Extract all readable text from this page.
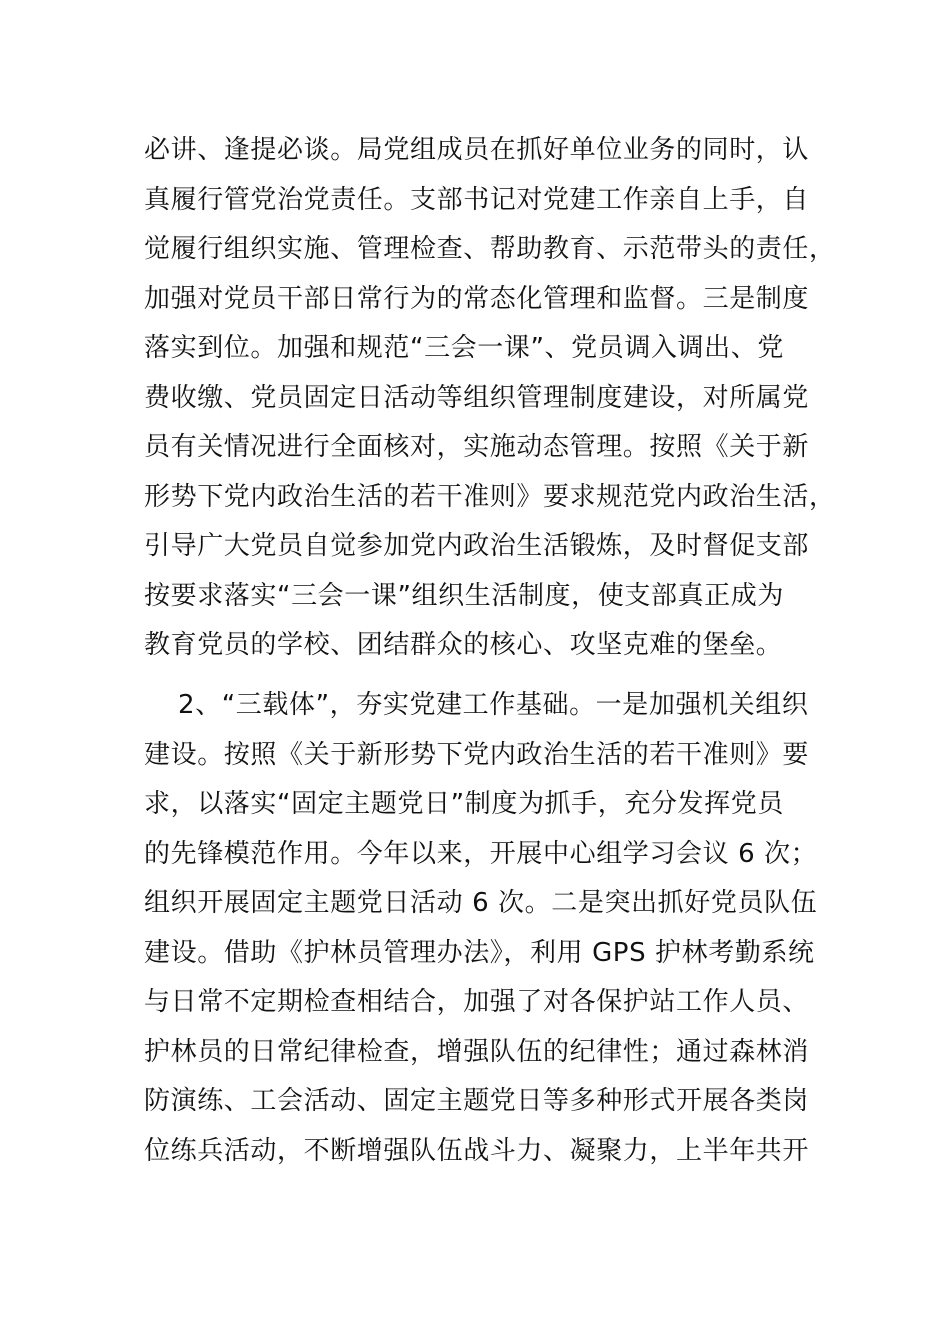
必讲、逢提必谈。局党组成员在抓好单位业务的同时，认
真履行管党治党责任。支部书记对党建工作亲自上手，自
觉履行组织实施、管理检查、帮助教育、示范带头的责任，
加强对党员干部日常行为的常态化管理和监督。三是制度
落实到位。加强和规范“三会一课”、党员调入调出、党
费收缴、党员固定日活动等组织管理制度建设，对所属党
员有关情况进行全面核对，实施动态管理。按照《关于新
形势下党内政治生活的若干准则》要求规范党内政治生活，
引导广大党员自觉参加党内政治生活锻炼，及时督促支部
按要求落实“三会一课”组织生活制度，使支部真正成为
教育党员的学校、团结群众的核心、攻坚克难的堡垒。
2、“三载体”，夯实党建工作基础。一是加强机关组织
建设。按照《关于新形势下党内政治生活的若干准则》要
求，以落实“固定主题党日”制度为抓手，充分发挥党员
的先锋模范作用。今年以来，开展中心组学习会议 6 次；
组织开展固定主题党日活动 6 次。二是突出抓好党员队伍
建设。借助《护林员管理办法》，利用 GPS 护林考勤系统
与日常不定期检查相结合，加强了对各保护站工作人员、
护林员的日常纪律检查，增强队伍的纪律性；通过森林消
防演练、工会活动、固定主题党日等多种形式开展各类岗
位练兵活动，不断增强队伍战斗力、凝聚力，上半年共开
